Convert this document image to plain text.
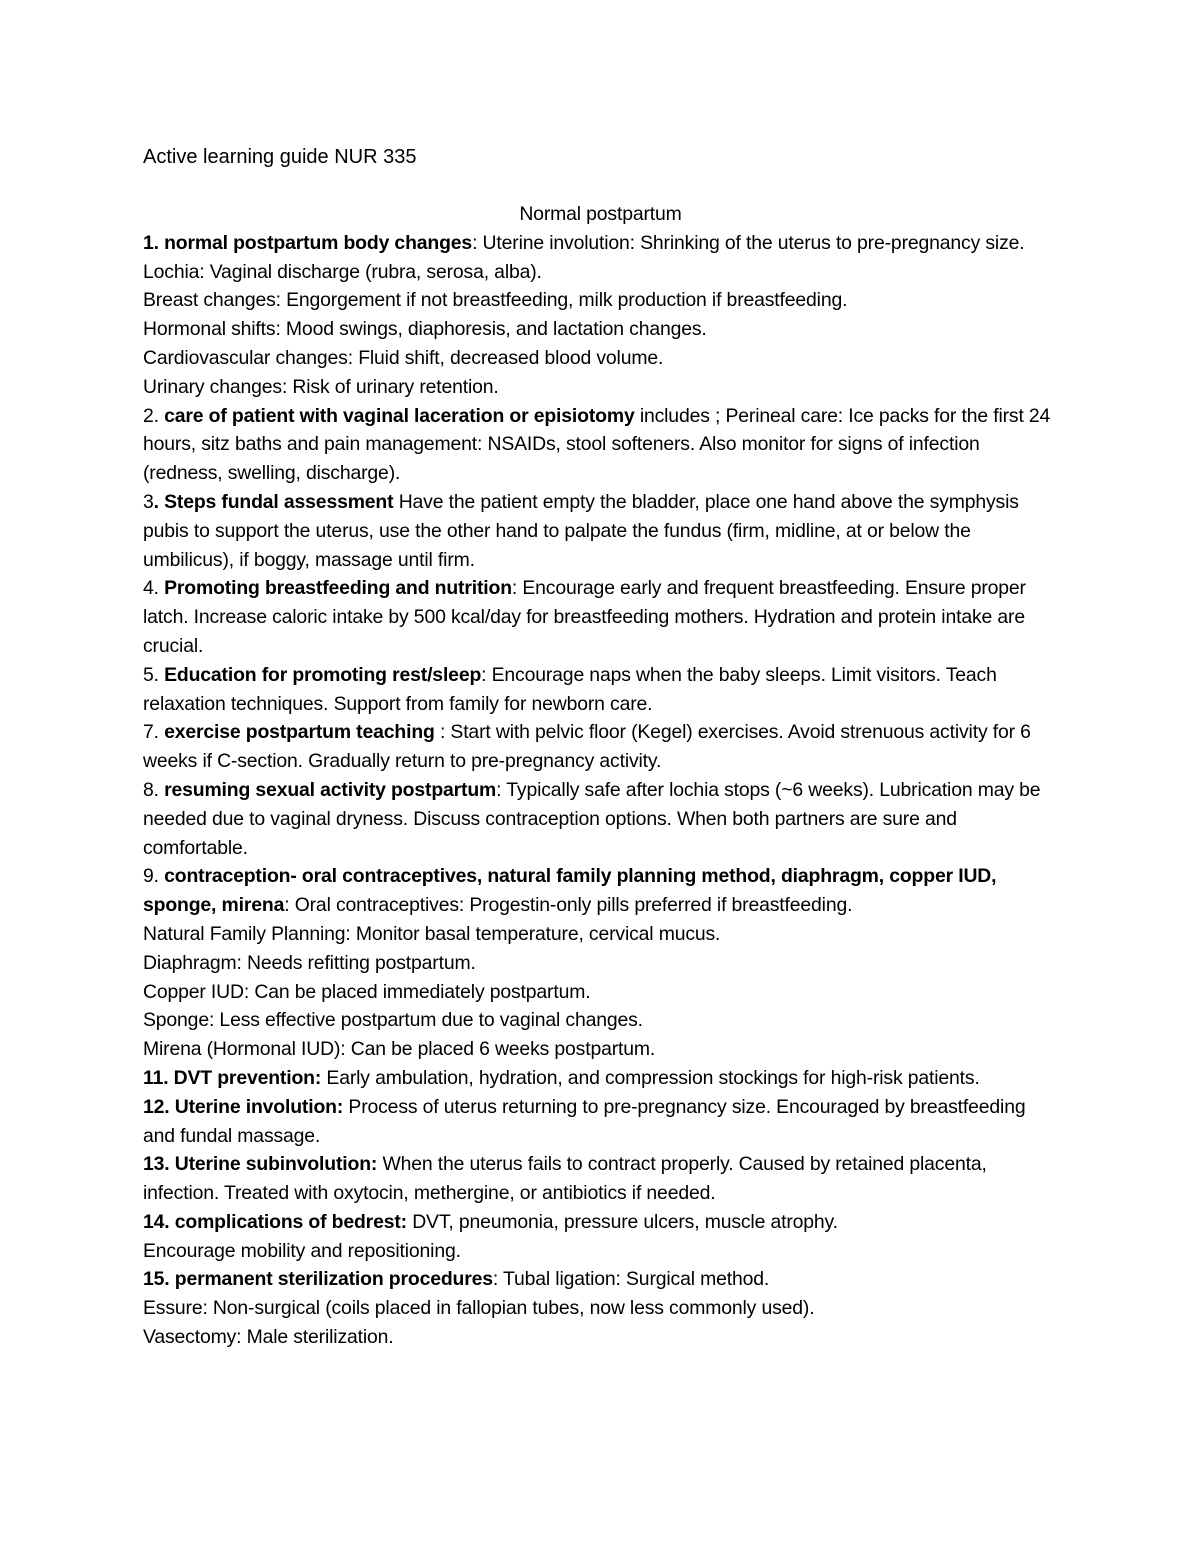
Active learning guide NUR 335

Normal postpartum

1. normal postpartum body changes: Uterine involution: Shrinking of the uterus to pre-pregnancy size.

Lochia: Vaginal discharge (rubra, serosa, alba).

Breast changes: Engorgement if not breastfeeding, milk production if breastfeeding.

Hormonal shifts: Mood swings, diaphoresis, and lactation changes.

Cardiovascular changes: Fluid shift, decreased blood volume.

Urinary changes: Risk of urinary retention.

2. care of patient with vaginal laceration or episiotomy includes ; Perineal care: Ice packs for the first 24 hours, sitz baths and pain management: NSAIDs, stool softeners. Also monitor for signs of infection (redness, swelling, discharge).

3. Steps fundal assessment Have the patient empty the bladder, place one hand above the symphysis pubis to support the uterus, use the other hand to palpate the fundus (firm, midline, at or below the umbilicus), if boggy, massage until firm.

4. Promoting breastfeeding and nutrition: Encourage early and frequent breastfeeding. Ensure proper latch. Increase caloric intake by 500 kcal/day for breastfeeding mothers. Hydration and protein intake are crucial.

5. Education for promoting rest/sleep: Encourage naps when the baby sleeps. Limit visitors. Teach relaxation techniques. Support from family for newborn care.

7. exercise postpartum teaching : Start with pelvic floor (Kegel) exercises. Avoid strenuous activity for 6 weeks if C-section. Gradually return to pre-pregnancy activity.

8. resuming sexual activity postpartum: Typically safe after lochia stops (~6 weeks). Lubrication may be needed due to vaginal dryness. Discuss contraception options. When both partners are sure and comfortable.

9. contraception- oral contraceptives, natural family planning method, diaphragm, copper IUD, sponge, mirena: Oral contraceptives: Progestin-only pills preferred if breastfeeding.

Natural Family Planning: Monitor basal temperature, cervical mucus.

Diaphragm: Needs refitting postpartum.

Copper IUD: Can be placed immediately postpartum.

Sponge: Less effective postpartum due to vaginal changes.

Mirena (Hormonal IUD): Can be placed 6 weeks postpartum.

11. DVT prevention: Early ambulation, hydration, and compression stockings for high-risk patients.

12. Uterine involution: Process of uterus returning to pre-pregnancy size. Encouraged by breastfeeding and fundal massage.

13. Uterine subinvolution: When the uterus fails to contract properly. Caused by retained placenta, infection. Treated with oxytocin, methergine, or antibiotics if needed.

14. complications of bedrest: DVT, pneumonia, pressure ulcers, muscle atrophy.

Encourage mobility and repositioning.

15. permanent sterilization procedures: Tubal ligation: Surgical method.

Essure: Non-surgical (coils placed in fallopian tubes, now less commonly used).

Vasectomy: Male sterilization.
